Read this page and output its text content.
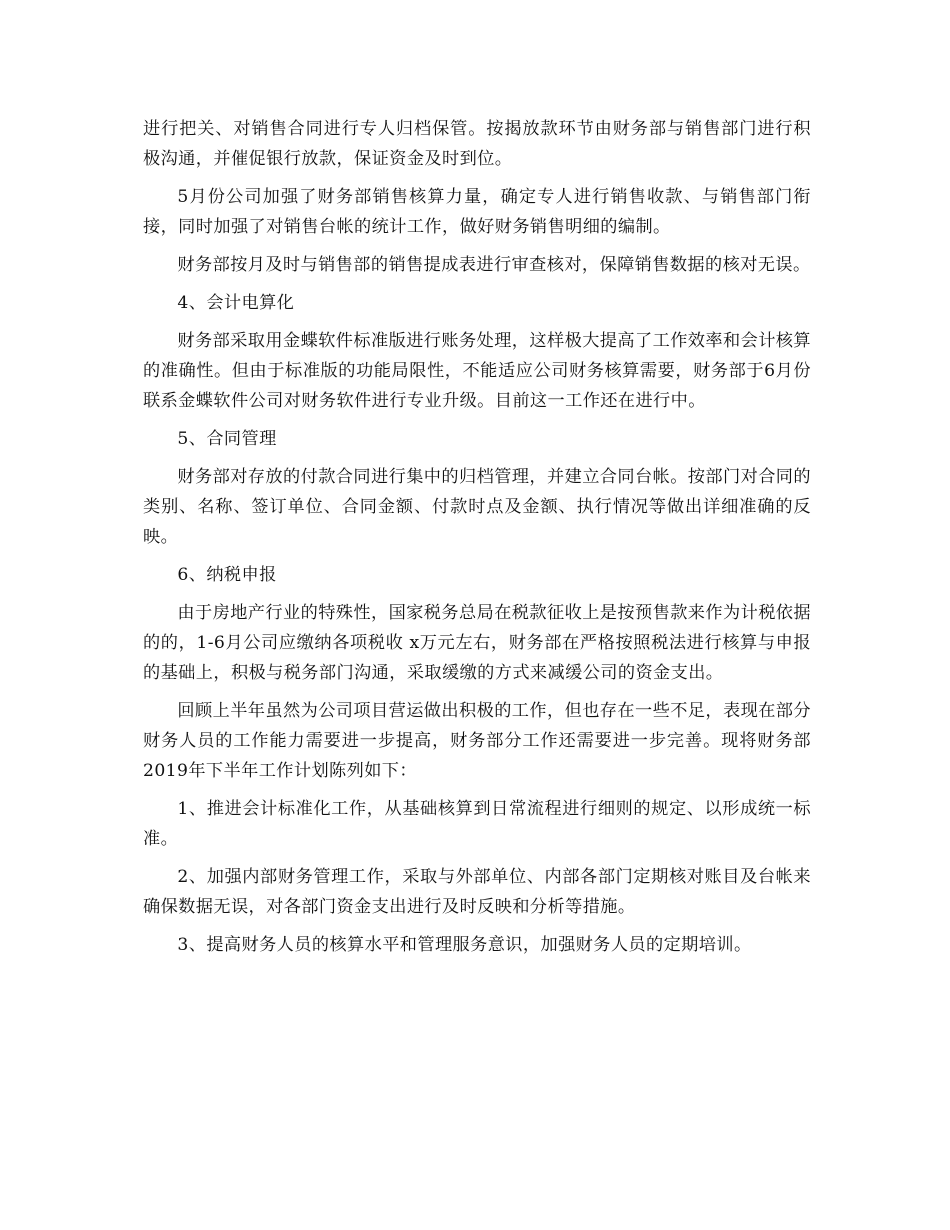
进行把关、对销售合同进行专人归档保管。按揭放款环节由财务部与销售部门进行积极沟通，并催促银行放款，保证资金及时到位。

5月份公司加强了财务部销售核算力量，确定专人进行销售收款、与销售部门衔接，同时加强了对销售台帐的统计工作，做好财务销售明细的编制。

财务部按月及时与销售部的销售提成表进行审查核对，保障销售数据的核对无误。

4、会计电算化

财务部采取用金蝶软件标准版进行账务处理，这样极大提高了工作效率和会计核算的准确性。但由于标准版的功能局限性，不能适应公司财务核算需要，财务部于6月份联系金蝶软件公司对财务软件进行专业升级。目前这一工作还在进行中。

5、合同管理

财务部对存放的付款合同进行集中的归档管理，并建立合同台帐。按部门对合同的类别、名称、签订单位、合同金额、付款时点及金额、执行情况等做出详细准确的反映。

6、纳税申报

由于房地产行业的特殊性，国家税务总局在税款征收上是按预售款来作为计税依据的的，1-6月公司应缴纳各项税收 x万元左右，财务部在严格按照税法进行核算与申报的基础上，积极与税务部门沟通，采取缓缴的方式来减缓公司的资金支出。

回顾上半年虽然为公司项目营运做出积极的工作，但也存在一些不足，表现在部分财务人员的工作能力需要进一步提高，财务部分工作还需要进一步完善。现将财务部2019年下半年工作计划陈列如下：

1、推进会计标准化工作，从基础核算到日常流程进行细则的规定、以形成统一标准。

2、加强内部财务管理工作，采取与外部单位、内部各部门定期核对账目及台帐来确保数据无误，对各部门资金支出进行及时反映和分析等措施。

3、提高财务人员的核算水平和管理服务意识，加强财务人员的定期培训。
